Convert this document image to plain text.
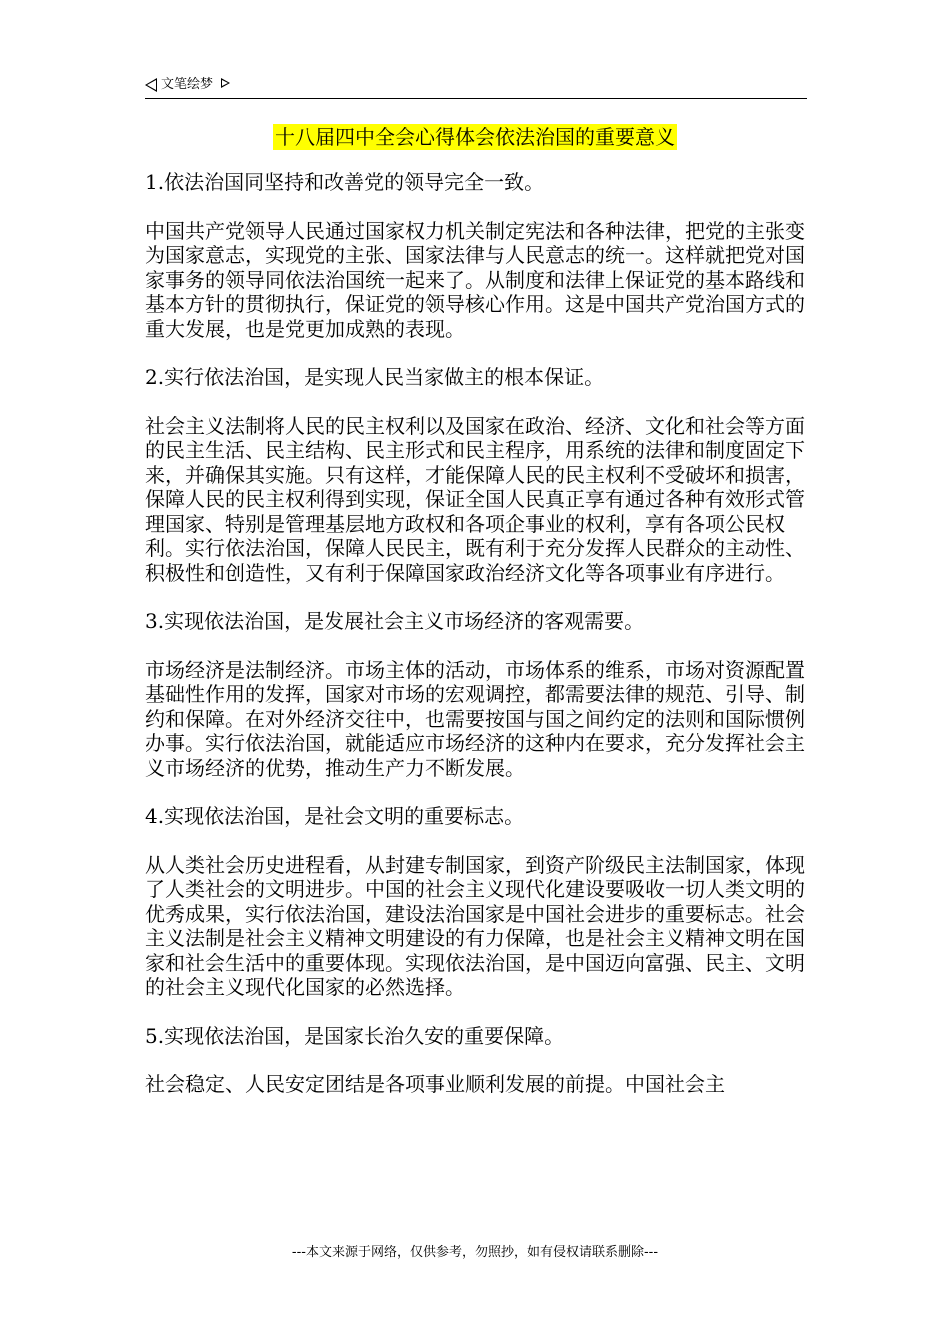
文笔绘梦
十八届四中全会心得体会依法治国的重要意义

1.依法治国同坚持和改善党的领导完全一致。

中国共产党领导人民通过国家权力机关制定宪法和各种法律，把党的主张变为国家意志，实现党的主张、国家法律与人民意志的统一。这样就把党对国家事务的领导同依法治国统一起来了。从制度和法律上保证党的基本路线和基本方针的贯彻执行，保证党的领导核心作用。这是中国共产党治国方式的重大发展，也是党更加成熟的表现。

2.实行依法治国，是实现人民当家做主的根本保证。

社会主义法制将人民的民主权利以及国家在政治、经济、文化和社会等方面的民主生活、民主结构、民主形式和民主程序，用系统的法律和制度固定下来，并确保其实施。只有这样，才能保障人民的民主权利不受破坏和损害，保障人民的民主权利得到实现，保证全国人民真正享有通过各种有效形式管理国家、特别是管理基层地方政权和各项企事业的权利，享有各项公民权利。实行依法治国，保障人民民主，既有利于充分发挥人民群众的主动性、积极性和创造性，又有利于保障国家政治经济文化等各项事业有序进行。

3.实现依法治国，是发展社会主义市场经济的客观需要。

市场经济是法制经济。市场主体的活动，市场体系的维系，市场对资源配置基础性作用的发挥，国家对市场的宏观调控，都需要法律的规范、引导、制约和保障。在对外经济交往中，也需要按国与国之间约定的法则和国际惯例办事。实行依法治国，就能适应市场经济的这种内在要求，充分发挥社会主义市场经济的优势，推动生产力不断发展。

4.实现依法治国，是社会文明的重要标志。

从人类社会历史进程看，从封建专制国家，到资产阶级民主法制国家，体现了人类社会的文明进步。中国的社会主义现代化建设要吸收一切人类文明的优秀成果，实行依法治国，建设法治国家是中国社会进步的重要标志。社会主义法制是社会主义精神文明建设的有力保障，也是社会主义精神文明在国家和社会生活中的重要体现。实现依法治国，是中国迈向富强、民主、文明的社会主义现代化国家的必然选择。

5.实现依法治国，是国家长治久安的重要保障。

社会稳定、人民安定团结是各项事业顺利发展的前提。中国社会主

---本文来源于网络，仅供参考，勿照抄，如有侵权请联系删除---
